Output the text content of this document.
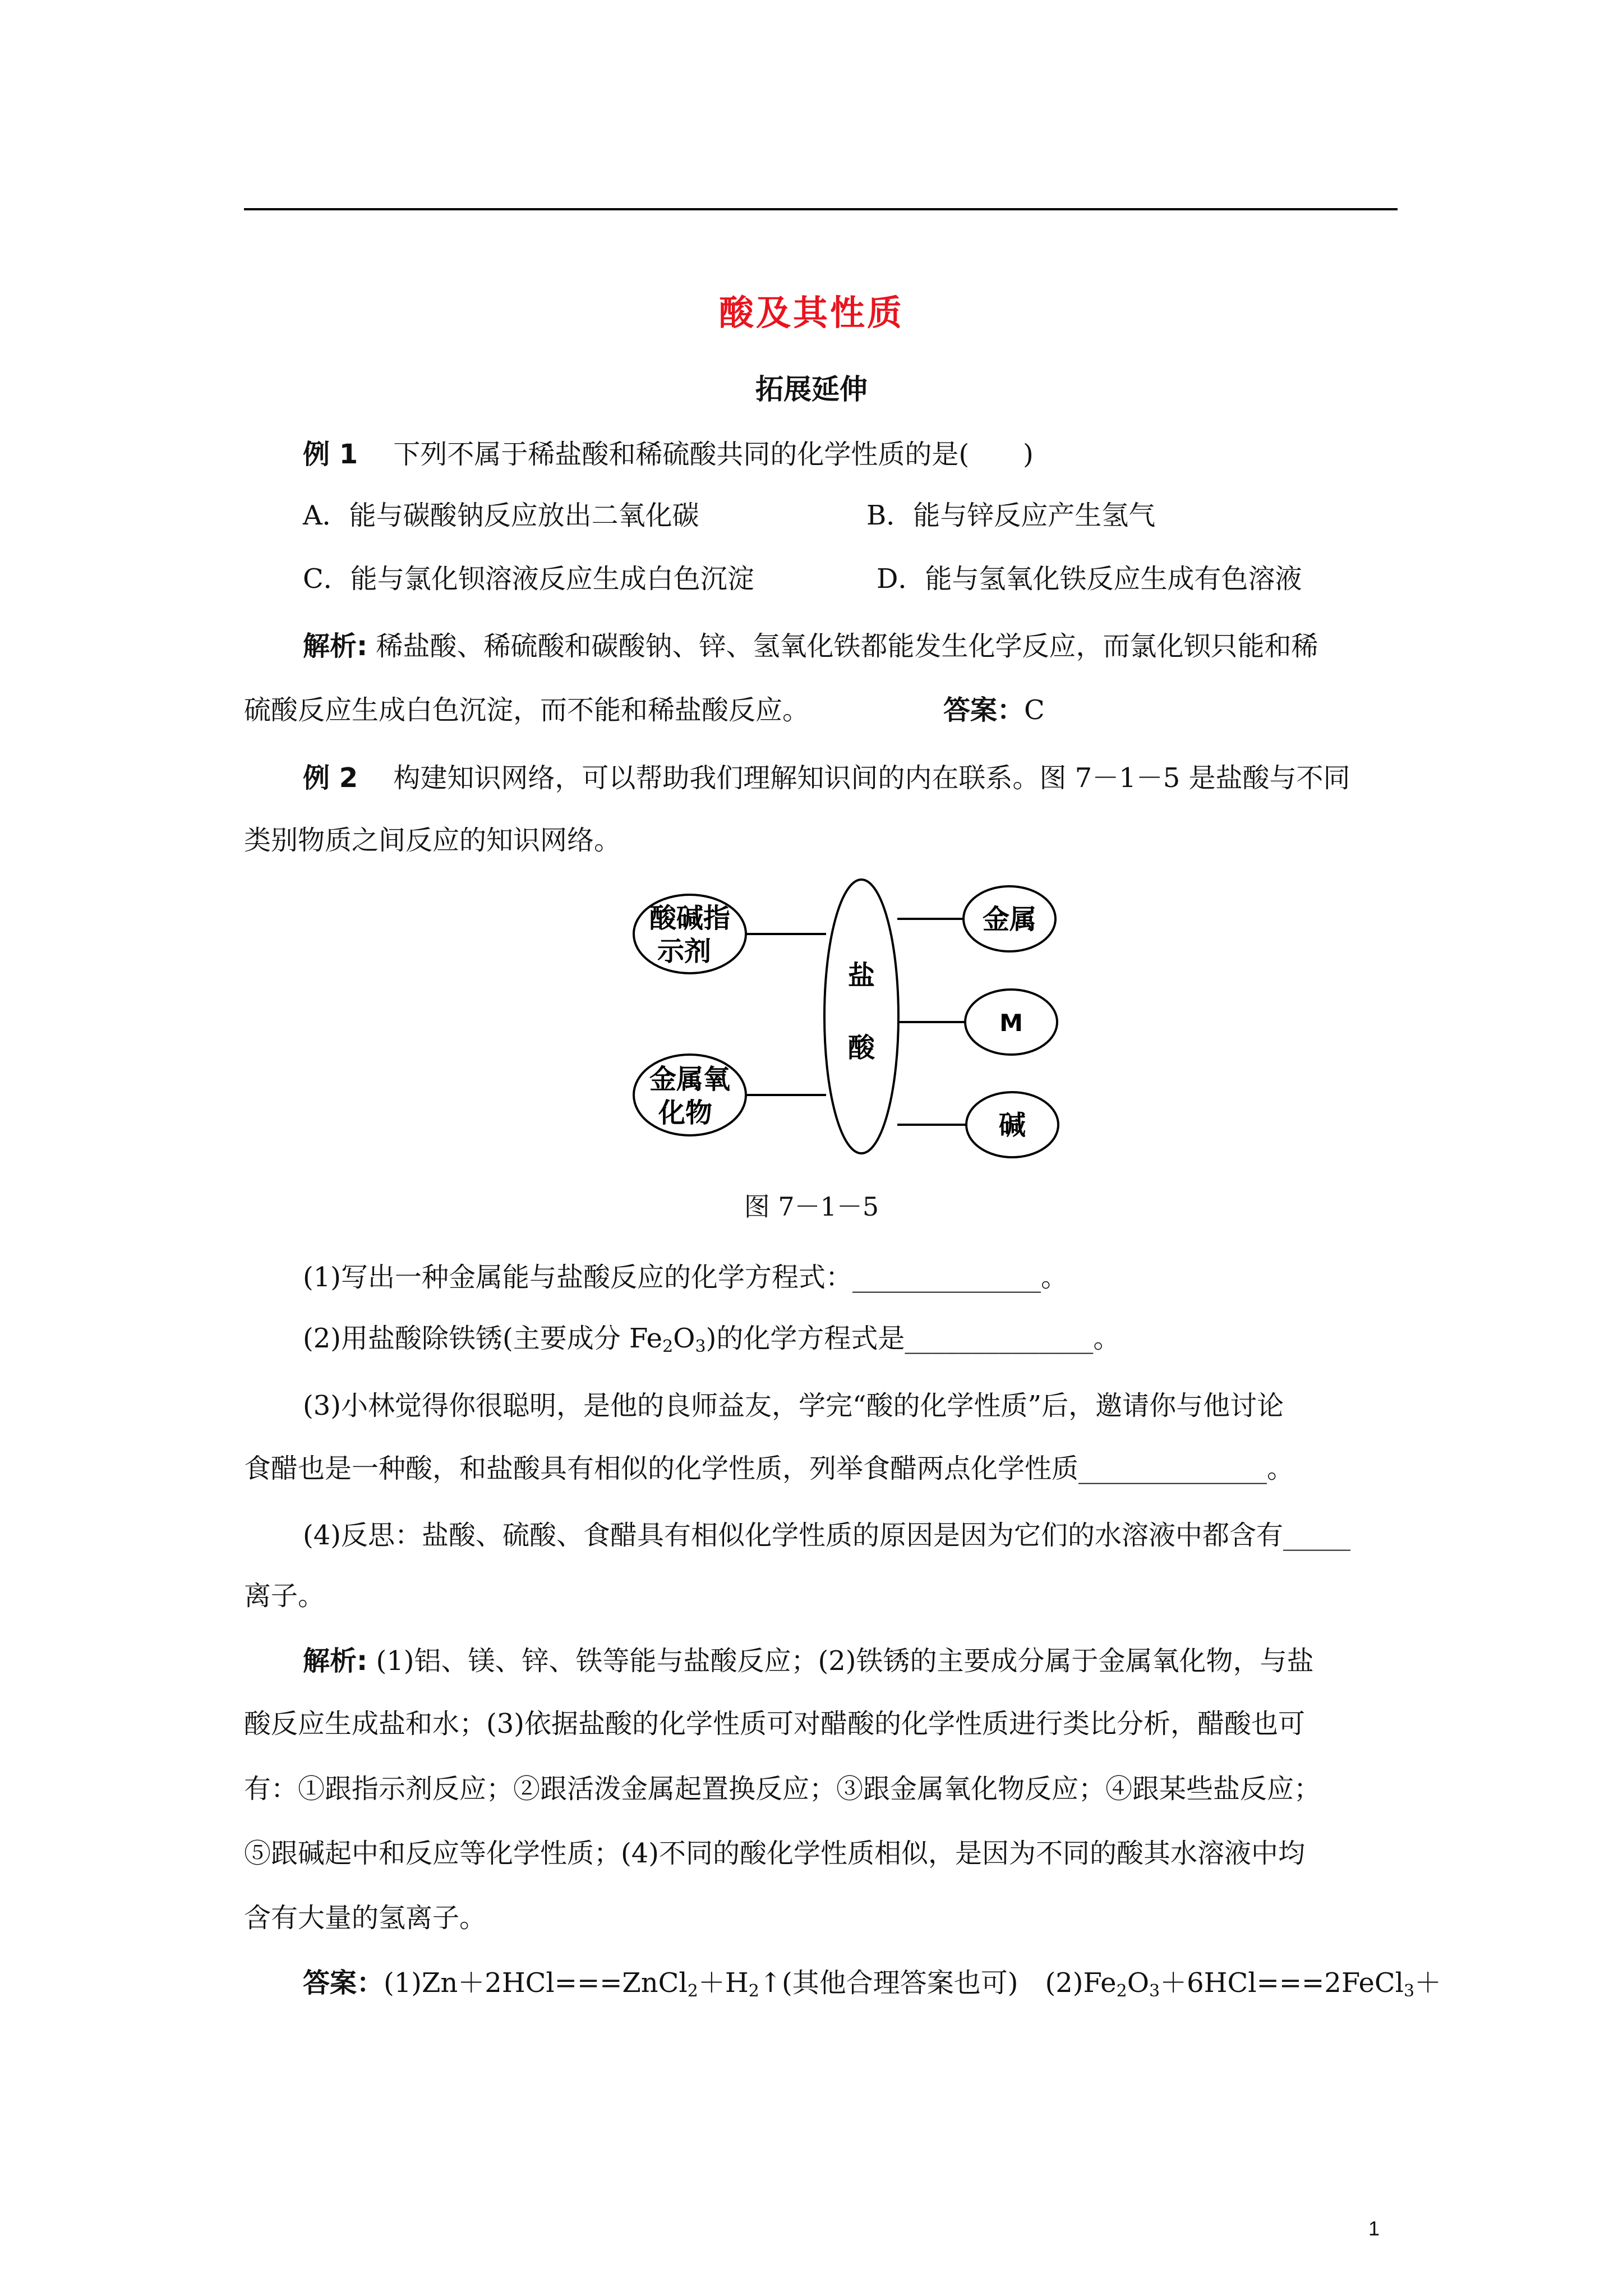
酸及其性质
拓展延伸
例 1　 下列不属于稀盐酸和稀硫酸共同的化学性质的是(　　)
A．能与碳酸钠反应放出二氧化碳	B．能与锌反应产生氢气
C．能与氯化钡溶液反应生成白色沉淀	D．能与氢氧化铁反应生成有色溶液
解析: 稀盐酸、稀硫酸和碳酸钠、锌、氢氧化铁都能发生化学反应，而氯化钡只能和稀
硫酸反应生成白色沉淀，而不能和稀盐酸反应。	答案：C
例 2　 构建知识网络，可以帮助我们理解知识间的内在联系。图 7－1－5 是盐酸与不同
类别物质之间反应的知识网络。
盐
酸
酸碱指
示剂
金属氧
化物
金属
M
碱
图 7－1－5
(1)写出一种金属能与盐酸反应的化学方程式：______________。
(2)用盐酸除铁锈(主要成分 $Fe_2O_3$)的化学方程式是______________。
(3)小林觉得你很聪明，是他的良师益友，学完“酸的化学性质”后，邀请你与他讨论
食醋也是一种酸，和盐酸具有相似的化学性质，列举食醋两点化学性质______________。
(4)反思：盐酸、硫酸、食醋具有相似化学性质的原因是因为它们的水溶液中都含有_____
离子。
解析: (1)铝、镁、锌、铁等能与盐酸反应；(2)铁锈的主要成分属于金属氧化物，与盐
酸反应生成盐和水；(3)依据盐酸的化学性质可对醋酸的化学性质进行类比分析，醋酸也可
有：①跟指示剂反应；②跟活泼金属起置换反应；③跟金属氧化物反应；④跟某些盐反应；
⑤跟碱起中和反应等化学性质；(4)不同的酸化学性质相似，是因为不同的酸其水溶液中均
含有大量的氢离子。
答案：$(1)Zn+2HCl===ZnCl_2+H_2↑$(其他合理答案也可)　$(2)Fe_2O_3+6HCl===2FeCl_3+$
1
